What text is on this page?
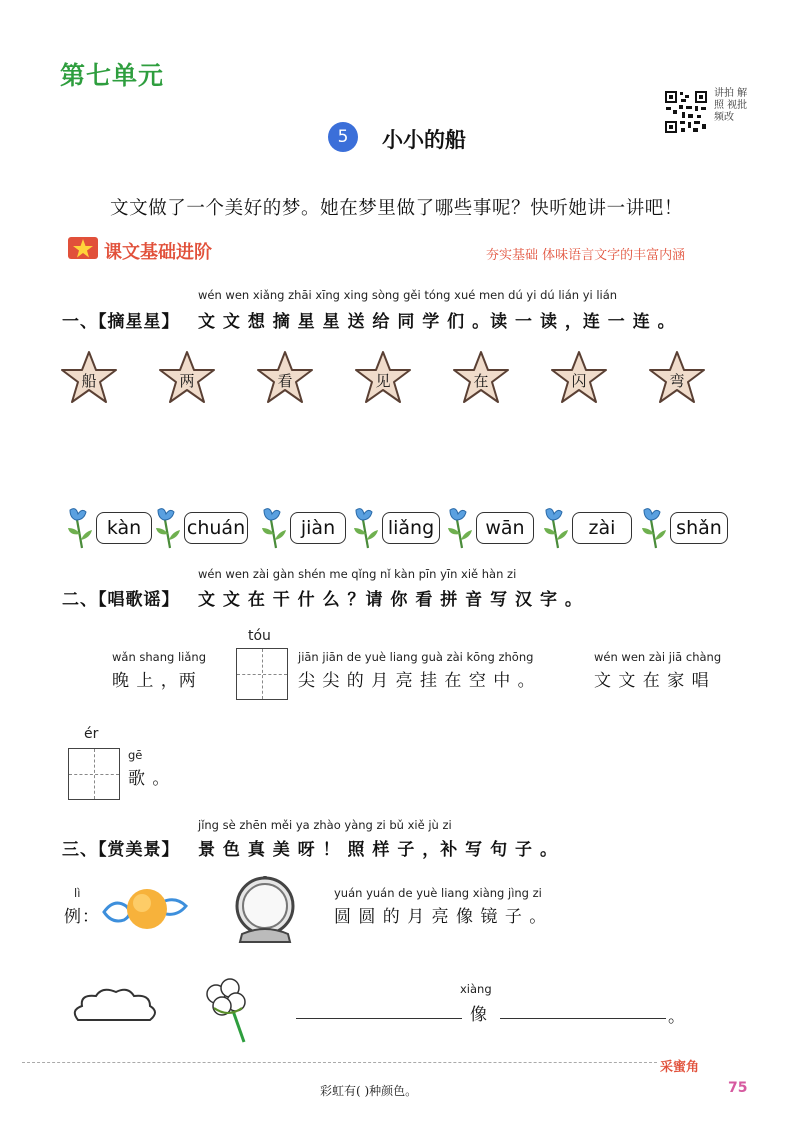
第七单元
讲拍 解照 视批 频改
5	小小的船
文文做了一个美好的梦。她在梦里做了哪些事呢？快听她讲一讲吧！
课文基础进阶	夯实基础 体味语言文字的丰富内涵
wén wen xiǎng zhāi xīng xing sòng gěi tóng xué men dú yi dú lián yi lián
一、【摘星星】 文 文 想 摘 星 星 送 给 同 学 们 。读 一 读 ，连 一 连 。
船	两	看	见	在	闪	弯
kàn	chuán	jiàn	liǎng	wān	zài	shǎn
wén wen zài gàn shén me qǐng nǐ kàn pīn yīn xiě hàn zi
二、【唱歌谣】 文 文 在 干 什 么 ？请 你 看 拼 音 写 汉 字 。
wǎn shang liǎng
晚 上 ，两
tóu
jiān jiān de yuè liang guà zài kōng zhōng
尖 尖 的 月 亮 挂 在 空 中 。
wén wen zài jiā chàng
文 文 在 家 唱
ér
gē
歌 。
jǐng sè zhēn měi ya zhào yàng zi bǔ xiě jù zi
三、【赏美景】 景 色 真 美 呀 ！ 照 样 子 ，补 写 句 子 。
lì
例：
yuán yuán de yuè liang xiàng jìng zi
圆 圆 的 月 亮 像 镜 子 。
xiàng
像	。
采蜜角
彩虹有( )种颜色。	75
